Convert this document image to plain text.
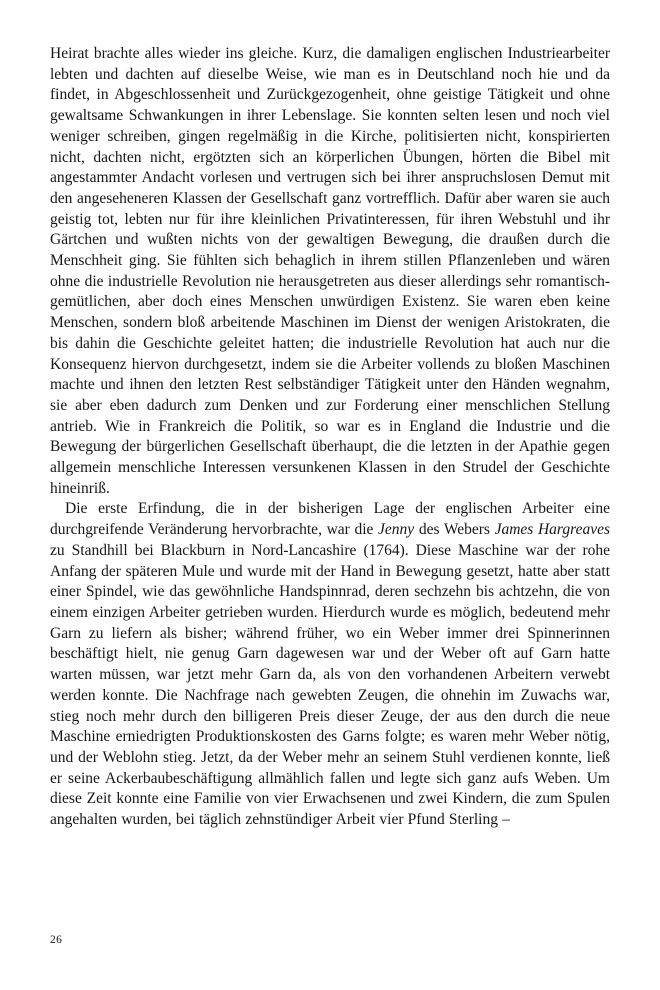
Heirat brachte alles wieder ins gleiche. Kurz, die damaligen englischen Industriearbeiter lebten und dachten auf dieselbe Weise, wie man es in Deutschland noch hie und da findet, in Abgeschlossenheit und Zurückgezogenheit, ohne geistige Tätigkeit und ohne gewaltsame Schwankungen in ihrer Lebenslage. Sie konnten selten lesen und noch viel weniger schreiben, gingen regelmäßig in die Kirche, politisierten nicht, konspirierten nicht, dachten nicht, ergötzten sich an körperlichen Übungen, hörten die Bibel mit angestammter Andacht vorlesen und vertrugen sich bei ihrer anspruchslosen Demut mit den angeseheneren Klassen der Gesellschaft ganz vortrefflich. Dafür aber waren sie auch geistig tot, lebten nur für ihre kleinlichen Privatinteressen, für ihren Webstuhl und ihr Gärtchen und wußten nichts von der gewaltigen Bewegung, die draußen durch die Menschheit ging. Sie fühlten sich behaglich in ihrem stillen Pflanzenleben und wären ohne die industrielle Revolution nie herausgetreten aus dieser allerdings sehr romantisch-gemütlichen, aber doch eines Menschen unwürdigen Existenz. Sie waren eben keine Menschen, sondern bloß arbeitende Maschinen im Dienst der wenigen Aristokraten, die bis dahin die Geschichte geleitet hatten; die industrielle Revolution hat auch nur die Konsequenz hiervon durchgesetzt, indem sie die Arbeiter vollends zu bloßen Maschinen machte und ihnen den letzten Rest selbständiger Tätigkeit unter den Händen wegnahm, sie aber eben dadurch zum Denken und zur Forderung einer menschlichen Stellung antrieb. Wie in Frankreich die Politik, so war es in England die Industrie und die Bewegung der bürgerlichen Gesellschaft überhaupt, die die letzten in der Apathie gegen allgemein menschliche Interessen versunkenen Klassen in den Strudel der Geschichte hineinriß.

Die erste Erfindung, die in der bisherigen Lage der englischen Arbeiter eine durchgreifende Veränderung hervorbrachte, war die Jenny des Webers James Hargreaves zu Standhill bei Blackburn in Nord-Lancashire (1764). Diese Maschine war der rohe Anfang der späteren Mule und wurde mit der Hand in Bewegung gesetzt, hatte aber statt einer Spindel, wie das gewöhnliche Handspinnrad, deren sechzehn bis achtzehn, die von einem einzigen Arbeiter getrieben wurden. Hierdurch wurde es möglich, bedeutend mehr Garn zu liefern als bisher; während früher, wo ein Weber immer drei Spinnerinnen beschäftigt hielt, nie genug Garn dagewesen war und der Weber oft auf Garn hatte warten müssen, war jetzt mehr Garn da, als von den vorhandenen Arbeitern verwebt werden konnte. Die Nachfrage nach gewebten Zeugen, die ohnehin im Zuwachs war, stieg noch mehr durch den billigeren Preis dieser Zeuge, der aus den durch die neue Maschine erniedrigten Produktionskosten des Garns folgte; es waren mehr Weber nötig, und der Weblohn stieg. Jetzt, da der Weber mehr an seinem Stuhl verdienen konnte, ließ er seine Ackerbaubeschäftigung allmählich fallen und legte sich ganz aufs Weben. Um diese Zeit konnte eine Familie von vier Erwachsenen und zwei Kindern, die zum Spulen angehalten wurden, bei täglich zehnstündiger Arbeit vier Pfund Sterling –

26
